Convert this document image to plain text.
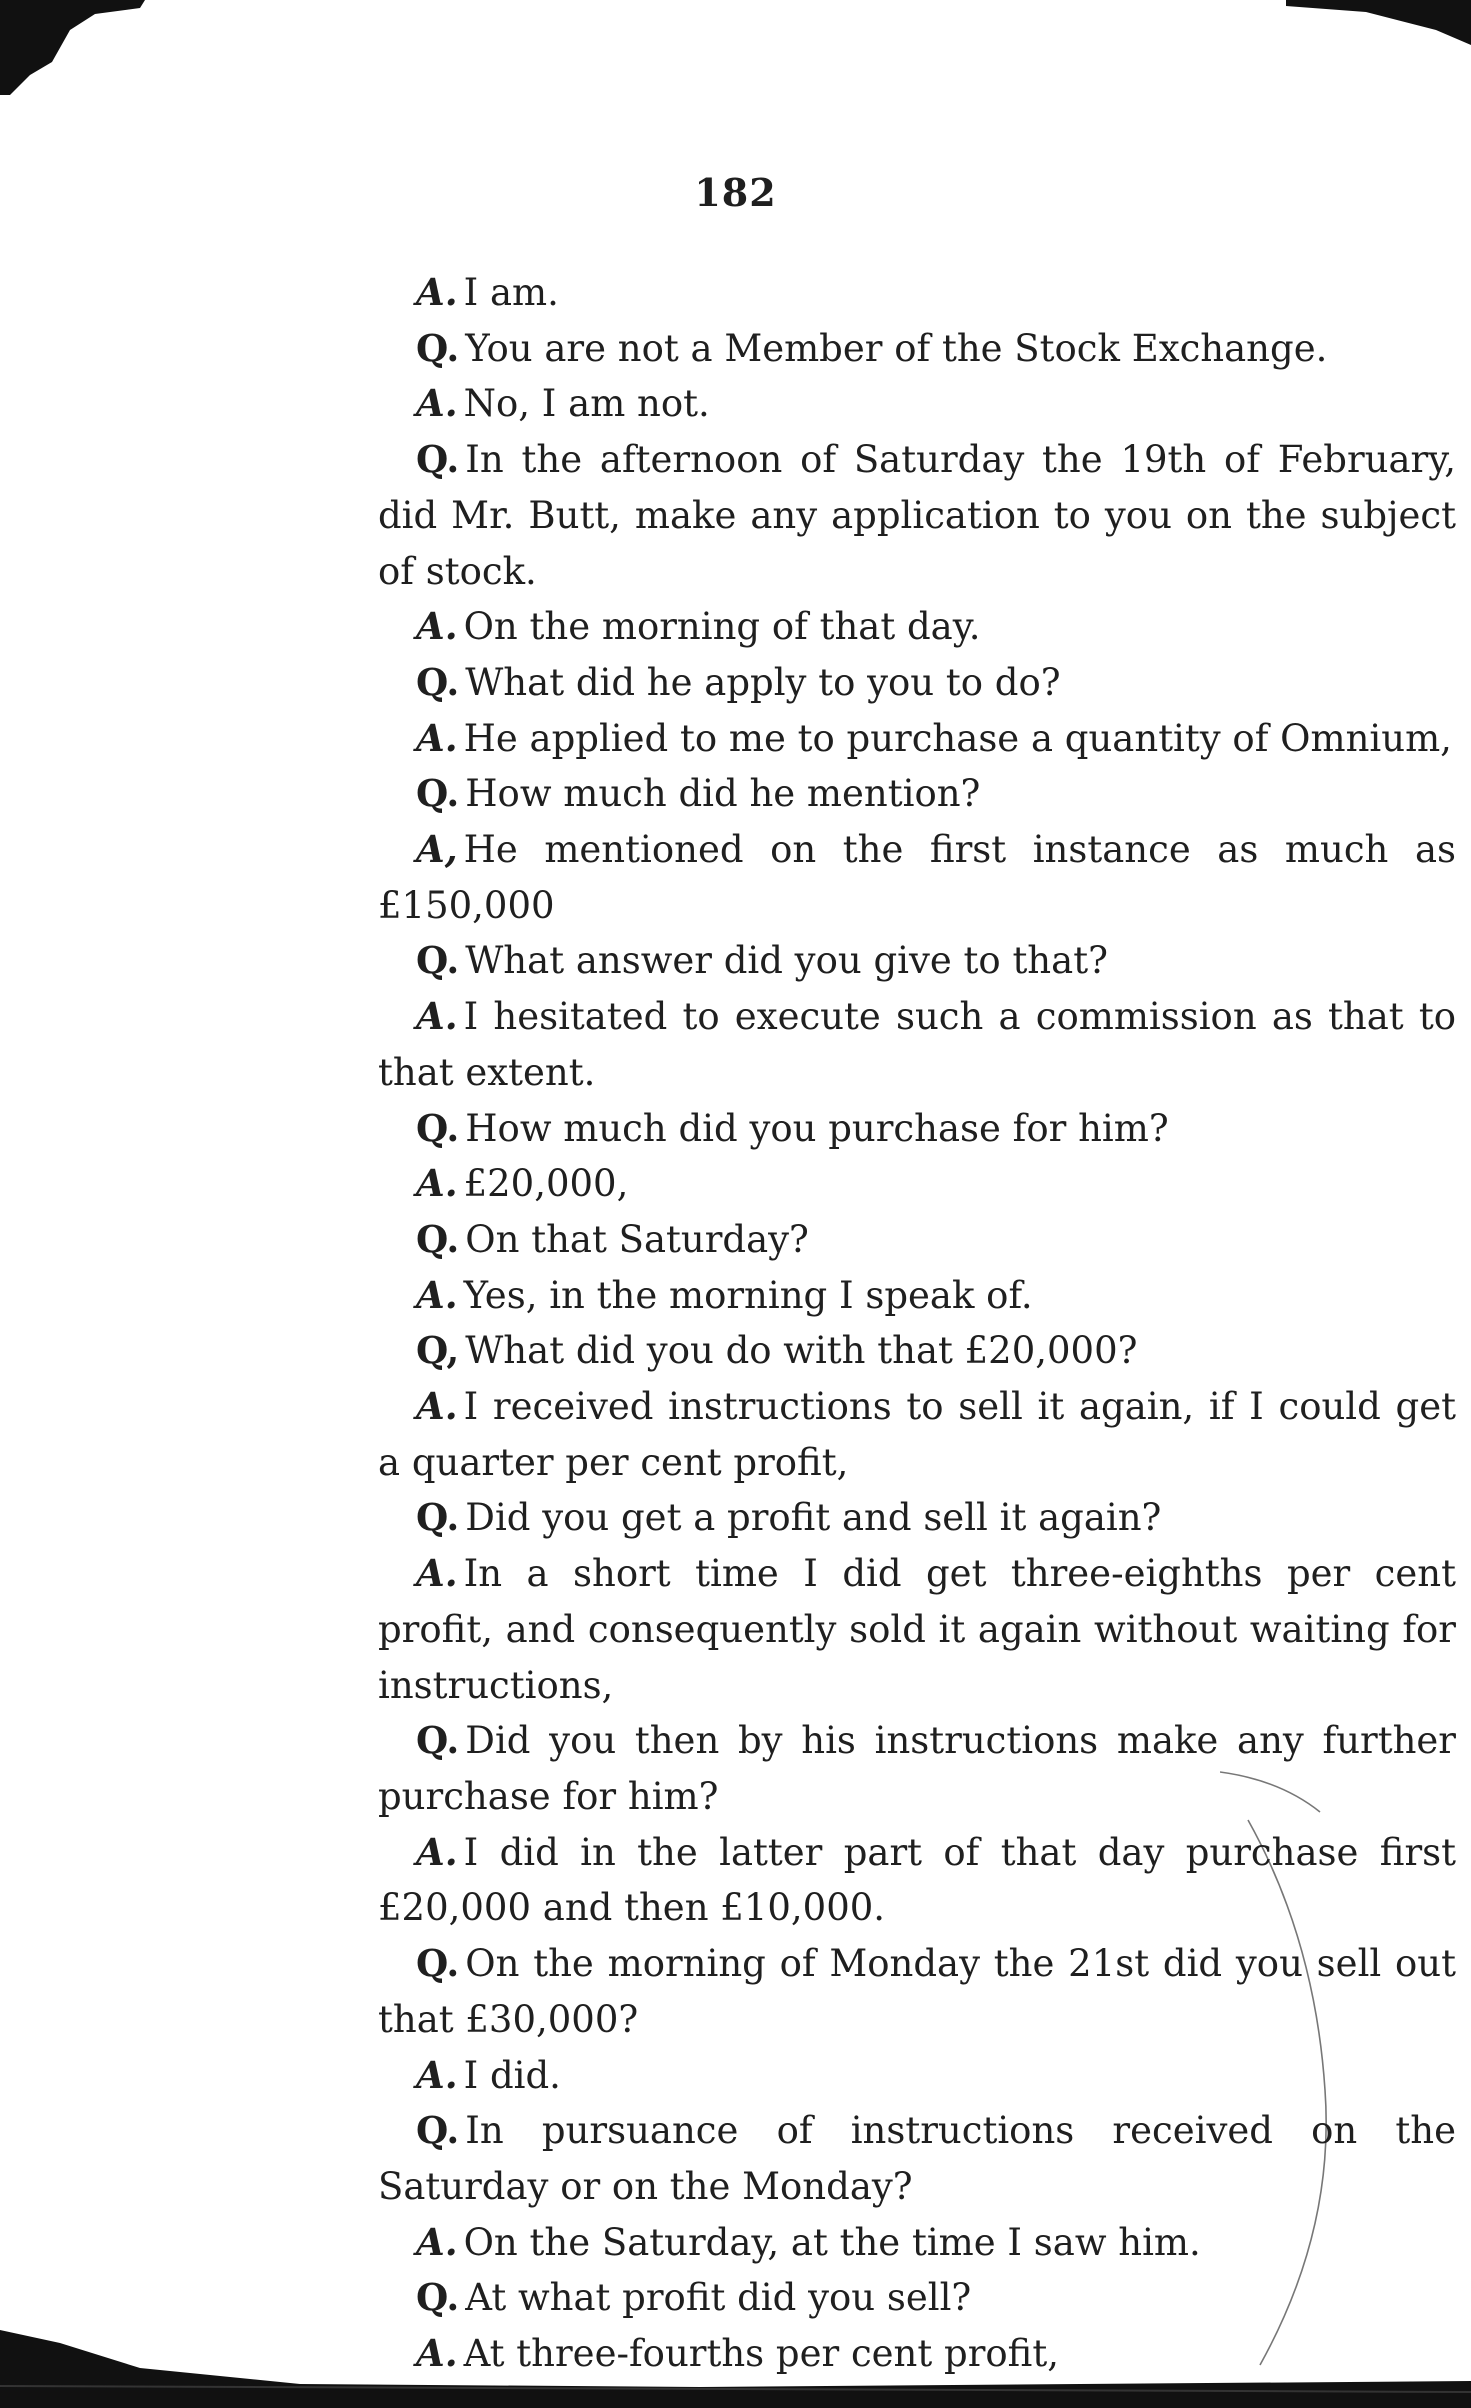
182

A. I am.

Q. You are not a Member of the Stock Exchange.

A. No, I am not.

Q. In the afternoon of Saturday the 19th of February, did Mr. Butt, make any application to you on the subject of stock.

A. On the morning of that day.

Q. What did he apply to you to do?

A. He applied to me to purchase a quantity of Omnium,

Q. How much did he mention?

A, He mentioned on the first instance as much as £150,000

Q. What answer did you give to that?

A. I hesitated to execute such a commission as that to that extent.

Q. How much did you purchase for him?

A. £20,000,

Q. On that Saturday?

A. Yes, in the morning I speak of.

Q, What did you do with that £20,000?

A. I received instructions to sell it again, if I could get a quarter per cent profit,

Q. Did you get a profit and sell it again?

A. In a short time I did get three-eighths per cent profit, and consequently sold it again without waiting for instructions,

Q. Did you then by his instructions make any further purchase for him?

A. I did in the latter part of that day purchase first £20,000 and then £10,000.

Q. On the morning of Monday the 21st did you sell out that £30,000?

A. I did.

Q. In pursuance of instructions received on the Saturday or on the Monday?

A. On the Saturday, at the time I saw him.

Q. At what profit did you sell?

A. At three-fourths per cent profit,
